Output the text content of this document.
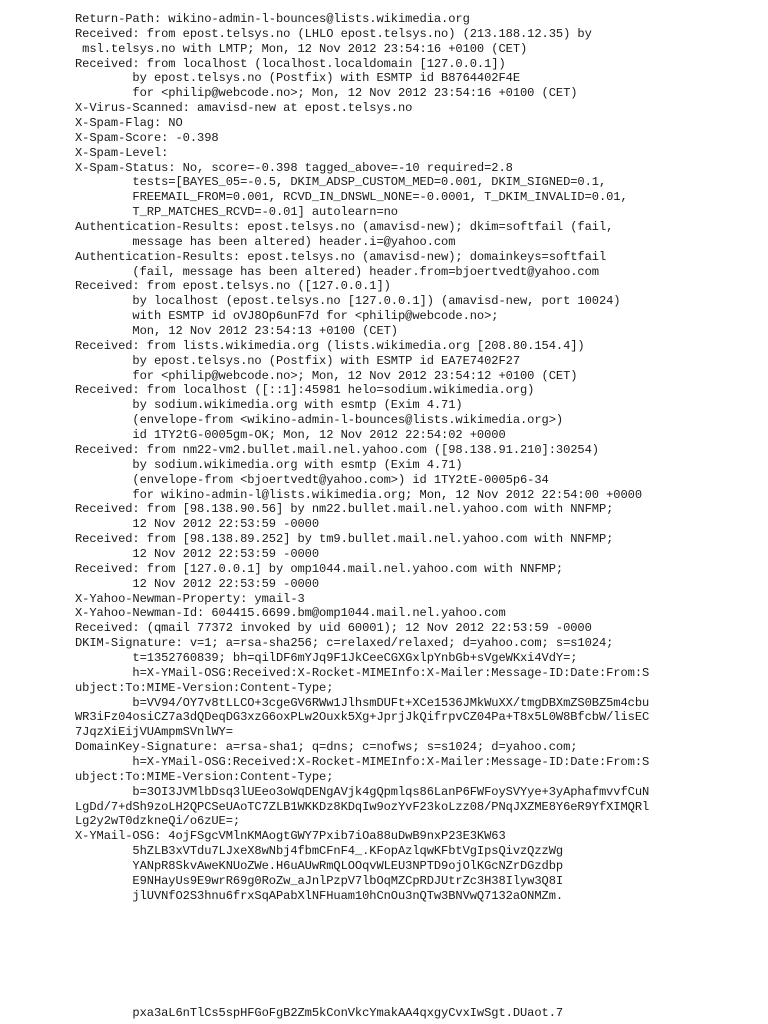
Return-Path: wikino-admin-l-bounces@lists.wikimedia.org
Received: from epost.telsys.no (LHLO epost.telsys.no) (213.188.12.35) by
msl.telsys.no with LMTP; Mon, 12 Nov 2012 23:54:16 +0100 (CET)
Received: from localhost (localhost.localdomain [127.0.0.1])
by epost.telsys.no (Postfix) with ESMTP id B8764402F4E
for <philip@webcode.no>; Mon, 12 Nov 2012 23:54:16 +0100 (CET)
X-Virus-Scanned: amavisd-new at epost.telsys.no
X-Spam-Flag: NO
X-Spam-Score: -0.398
X-Spam-Level:
X-Spam-Status: No, score=-0.398 tagged_above=-10 required=2.8
tests=[BAYES_05=-0.5, DKIM_ADSP_CUSTOM_MED=0.001, DKIM_SIGNED=0.1,
FREEMAIL_FROM=0.001, RCVD_IN_DNSWL_NONE=-0.0001, T_DKIM_INVALID=0.01,
T_RP_MATCHES_RCVD=-0.01] autolearn=no
Authentication-Results: epost.telsys.no (amavisd-new); dkim=softfail (fail,
message has been altered) header.i=@yahoo.com
Authentication-Results: epost.telsys.no (amavisd-new); domainkeys=softfail
(fail, message has been altered) header.from=bjoertvedt@yahoo.com
Received: from epost.telsys.no ([127.0.0.1])
by localhost (epost.telsys.no [127.0.0.1]) (amavisd-new, port 10024)
with ESMTP id oVJ8Op6unF7d for <philip@webcode.no>;
Mon, 12 Nov 2012 23:54:13 +0100 (CET)
Received: from lists.wikimedia.org (lists.wikimedia.org [208.80.154.4])
by epost.telsys.no (Postfix) with ESMTP id EA7E7402F27
for <philip@webcode.no>; Mon, 12 Nov 2012 23:54:12 +0100 (CET)
Received: from localhost ([::1]:45981 helo=sodium.wikimedia.org)
by sodium.wikimedia.org with esmtp (Exim 4.71)
(envelope-from <wikino-admin-l-bounces@lists.wikimedia.org>)
id 1TY2tG-0005gm-OK; Mon, 12 Nov 2012 22:54:02 +0000
Received: from nm22-vm2.bullet.mail.nel.yahoo.com ([98.138.91.210]:30254)
by sodium.wikimedia.org with esmtp (Exim 4.71)
(envelope-from <bjoertvedt@yahoo.com>) id 1TY2tE-0005p6-34
for wikino-admin-l@lists.wikimedia.org; Mon, 12 Nov 2012 22:54:00 +0000
Received: from [98.138.90.56] by nm22.bullet.mail.nel.yahoo.com with NNFMP;
12 Nov 2012 22:53:59 -0000
Received: from [98.138.89.252] by tm9.bullet.mail.nel.yahoo.com with NNFMP;
12 Nov 2012 22:53:59 -0000
Received: from [127.0.0.1] by omp1044.mail.nel.yahoo.com with NNFMP;
12 Nov 2012 22:53:59 -0000
X-Yahoo-Newman-Property: ymail-3
X-Yahoo-Newman-Id: 604415.6699.bm@omp1044.mail.nel.yahoo.com
Received: (qmail 77372 invoked by uid 60001); 12 Nov 2012 22:53:59 -0000
DKIM-Signature: v=1; a=rsa-sha256; c=relaxed/relaxed; d=yahoo.com; s=s1024;
t=1352760839; bh=qilDF6mYJq9F1JkCeeCGXGxlpYnbGb+sVgeWKxi4VdY=;
h=X-YMail-OSG:Received:X-Rocket-MIMEInfo:X-Mailer:Message-ID:Date:From:S
ubject:To:MIME-Version:Content-Type;
b=VV94/OY7v8tLLCO+3cgeGV6RWw1JlhsmDUFt+XCe1536JMkWuXX/tmgDBXmZS0BZ5m4cbu
WR3iFz04osiCZ7a3dQDeqDG3xzG6oxPLw2Ouxk5Xg+JprjJkQifrpvCZ04Pa+T8x5L0W8BfcbW/lisEC
7JqzXiEijVUAmpmSVnlWY=
DomainKey-Signature: a=rsa-sha1; q=dns; c=nofws; s=s1024; d=yahoo.com;
h=X-YMail-OSG:Received:X-Rocket-MIMEInfo:X-Mailer:Message-ID:Date:From:S
ubject:To:MIME-Version:Content-Type;
b=3OI3JVMlbDsq3lUEeo3oWqDENgAVjk4gQpmlqs86LanP6FWFoySVYye+3yAphafmvvfCuN
LgDd/7+dSh9zoLH2QPCSeUAoTC7ZLB1WKKDz8KDqIw9ozYvF23koLzz08/PNqJXZME8Y6eR9YfXIMQRl
Lg2y2wT0dzkneQi/o6zUE=;
X-YMail-OSG: 4ojFSgcVMlnKMAogtGWY7Pxib7iOa88uDwB9nxP23E3KW63
5hZLB3xVTdu7LJxeX8wNbj4fbmCFnF4_.KFopAzlqwKFbtVgIpsQivzQzzWg
YANpR8SkvAweKNUoZWe.H6uAUwRmQLOOqvWLEU3NPTD9ojOlKGcNZrDGzdbp
E9NHayUs9E9wrR69g0RoZw_aJnlPzpV7lbOqMZCpRDJUtrZc3H38Ilyw3Q8I
jlUVNfO2S3hnu6frxSqAPabXlNFHuam10hCnOu3nQTw3BNVwQ7132aONMZm.
pxa3aL6nTlCs5spHFGoFgB2Zm5kConVkcYmakAA4qxgyCvxIwSgt.DUaot.7
